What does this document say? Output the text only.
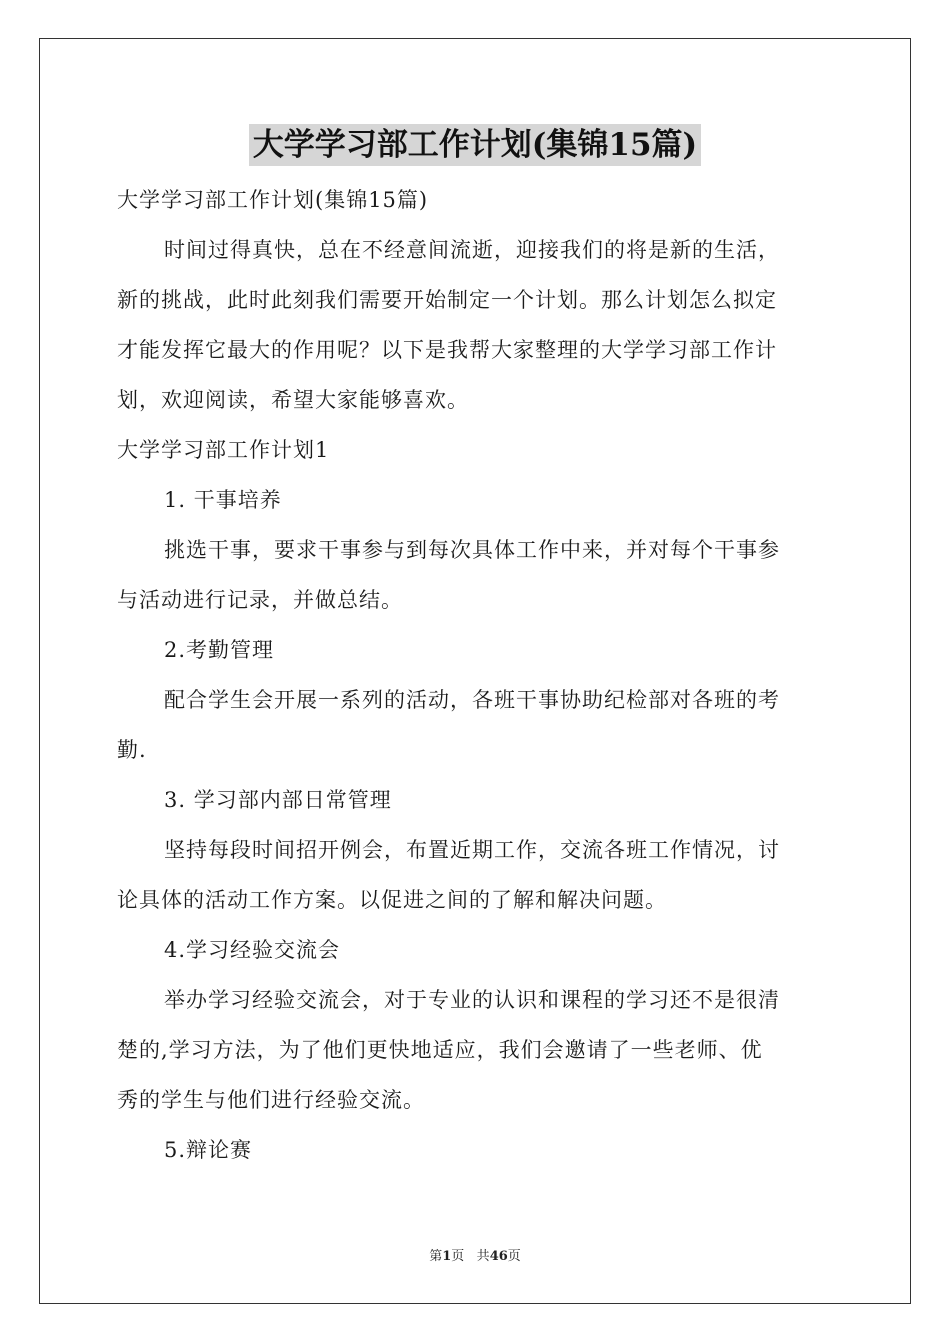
大学学习部工作计划(集锦15篇)
大学学习部工作计划(集锦15篇)
时间过得真快，总在不经意间流逝，迎接我们的将是新的生活，
新的挑战，此时此刻我们需要开始制定一个计划。那么计划怎么拟定
才能发挥它最大的作用呢？以下是我帮大家整理的大学学习部工作计
划，欢迎阅读，希望大家能够喜欢。
大学学习部工作计划1
1. 干事培养
挑选干事，要求干事参与到每次具体工作中来，并对每个干事参
与活动进行记录，并做总结。
2.考勤管理
配合学生会开展一系列的活动，各班干事协助纪检部对各班的考
勤.
3. 学习部内部日常管理
坚持每段时间招开例会，布置近期工作，交流各班工作情况，讨
论具体的活动工作方案。以促进之间的了解和解决问题。
4.学习经验交流会
举办学习经验交流会，对于专业的认识和课程的学习还不是很清
楚的,学习方法，为了他们更快地适应，我们会邀请了一些老师、优
秀的学生与他们进行经验交流。
5.辩论赛
第1页 共46页
